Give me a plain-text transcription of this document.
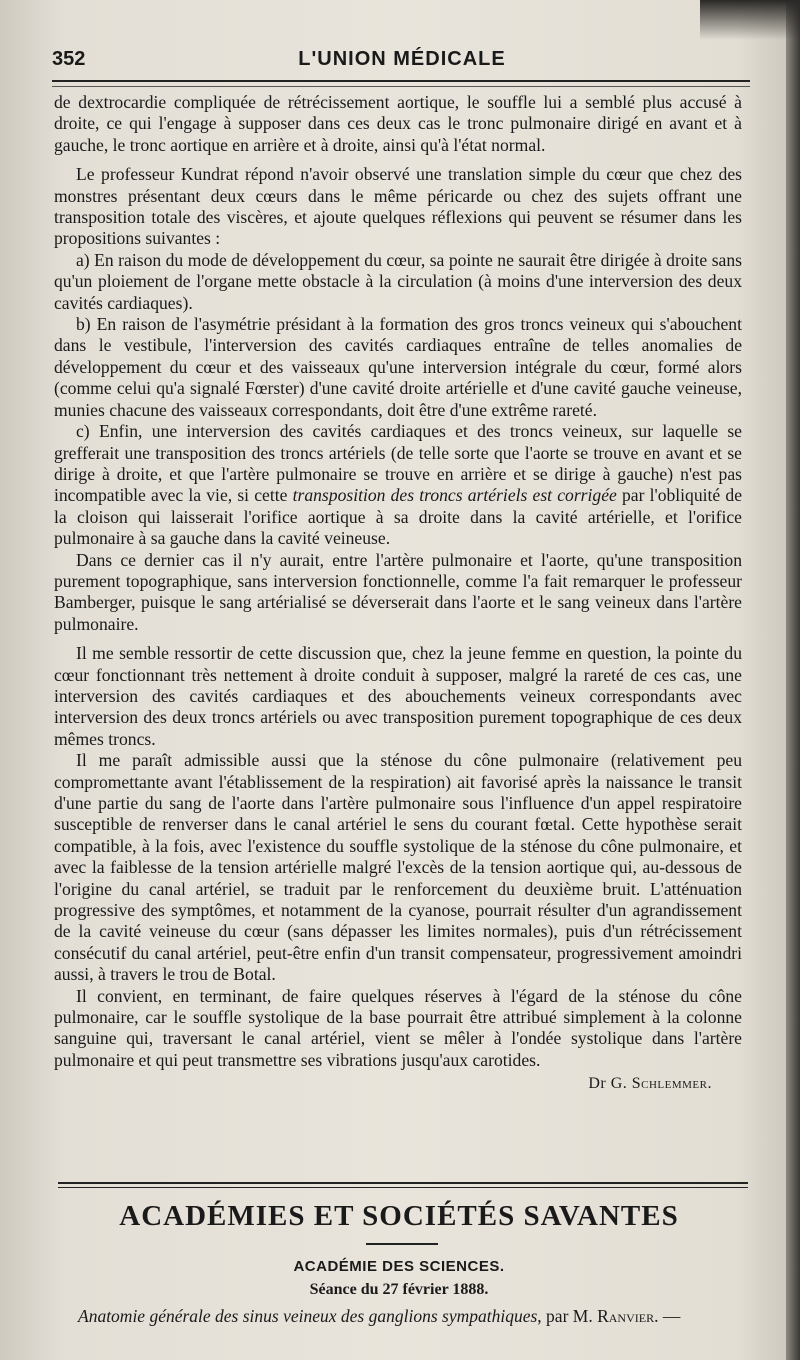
352	L'UNION MÉDICALE

de dextrocardie compliquée de rétrécissement aortique, le souffle lui a semblé plus accusé à droite, ce qui l'engage à supposer dans ces deux cas le tronc pulmonaire dirigé en avant et à gauche, le tronc aortique en arrière et à droite, ainsi qu'à l'état normal.

Le professeur Kundrat répond n'avoir observé une translation simple du cœur que chez des monstres présentant deux cœurs dans le même péricarde ou chez des sujets offrant une transposition totale des viscères, et ajoute quelques réflexions qui peuvent se résumer dans les propositions suivantes :

a) En raison du mode de développement du cœur, sa pointe ne saurait être dirigée à droite sans qu'un ploiement de l'organe mette obstacle à la circulation (à moins d'une interversion des deux cavités cardiaques).

b) En raison de l'asymétrie présidant à la formation des gros troncs veineux qui s'abouchent dans le vestibule, l'interversion des cavités cardiaques entraîne de telles anomalies de développement du cœur et des vaisseaux qu'une interversion intégrale du cœur, formé alors (comme celui qu'a signalé Fœrster) d'une cavité droite artérielle et d'une cavité gauche veineuse, munies chacune des vaisseaux correspondants, doit être d'une extrême rareté.

c) Enfin, une interversion des cavités cardiaques et des troncs veineux, sur laquelle se grefferait une transposition des troncs artériels (de telle sorte que l'aorte se trouve en avant et se dirige à droite, et que l'artère pulmonaire se trouve en arrière et se dirige à gauche) n'est pas incompatible avec la vie, si cette transposition des troncs artériels est corrigée par l'obliquité de la cloison qui laisserait l'orifice aortique à sa droite dans la cavité artérielle, et l'orifice pulmonaire à sa gauche dans la cavité veineuse.

Dans ce dernier cas il n'y aurait, entre l'artère pulmonaire et l'aorte, qu'une transposition purement topographique, sans interversion fonctionnelle, comme l'a fait remarquer le professeur Bamberger, puisque le sang artérialisé se déverserait dans l'aorte et le sang veineux dans l'artère pulmonaire.

Il me semble ressortir de cette discussion que, chez la jeune femme en question, la pointe du cœur fonctionnant très nettement à droite conduit à supposer, malgré la rareté de ces cas, une interversion des cavités cardiaques et des abouchements veineux correspondants avec interversion des deux troncs artériels ou avec transposition purement topographique de ces deux mêmes troncs.

Il me paraît admissible aussi que la sténose du cône pulmonaire (relativement peu compromettante avant l'établissement de la respiration) ait favorisé après la naissance le transit d'une partie du sang de l'aorte dans l'artère pulmonaire sous l'influence d'un appel respiratoire susceptible de renverser dans le canal artériel le sens du courant fœtal. Cette hypothèse serait compatible, à la fois, avec l'existence du souffle systolique de la sténose du cône pulmonaire, et avec la faiblesse de la tension artérielle malgré l'excès de la tension aortique qui, au-dessous de l'origine du canal artériel, se traduit par le renforcement du deuxième bruit. L'atténuation progressive des symptômes, et notamment de la cyanose, pourrait résulter d'un agrandissement de la cavité veineuse du cœur (sans dépasser les limites normales), puis d'un rétrécissement consécutif du canal artériel, peut-être enfin d'un transit compensateur, progressivement amoindri aussi, à travers le trou de Botal.

Il convient, en terminant, de faire quelques réserves à l'égard de la sténose du cône pulmonaire, car le souffle systolique de la base pourrait être attribué simplement à la colonne sanguine qui, traversant le canal artériel, vient se mêler à l'ondée systolique dans l'artère pulmonaire et qui peut transmettre ses vibrations jusqu'aux carotides.

Dr G. Schlemmer.
ACADÉMIES ET SOCIÉTÉS SAVANTES
ACADÉMIE DES SCIENCES.
Séance du 27 février 1888.
Anatomie générale des sinus veineux des ganglions sympathiques, par M. Ranvier. —
